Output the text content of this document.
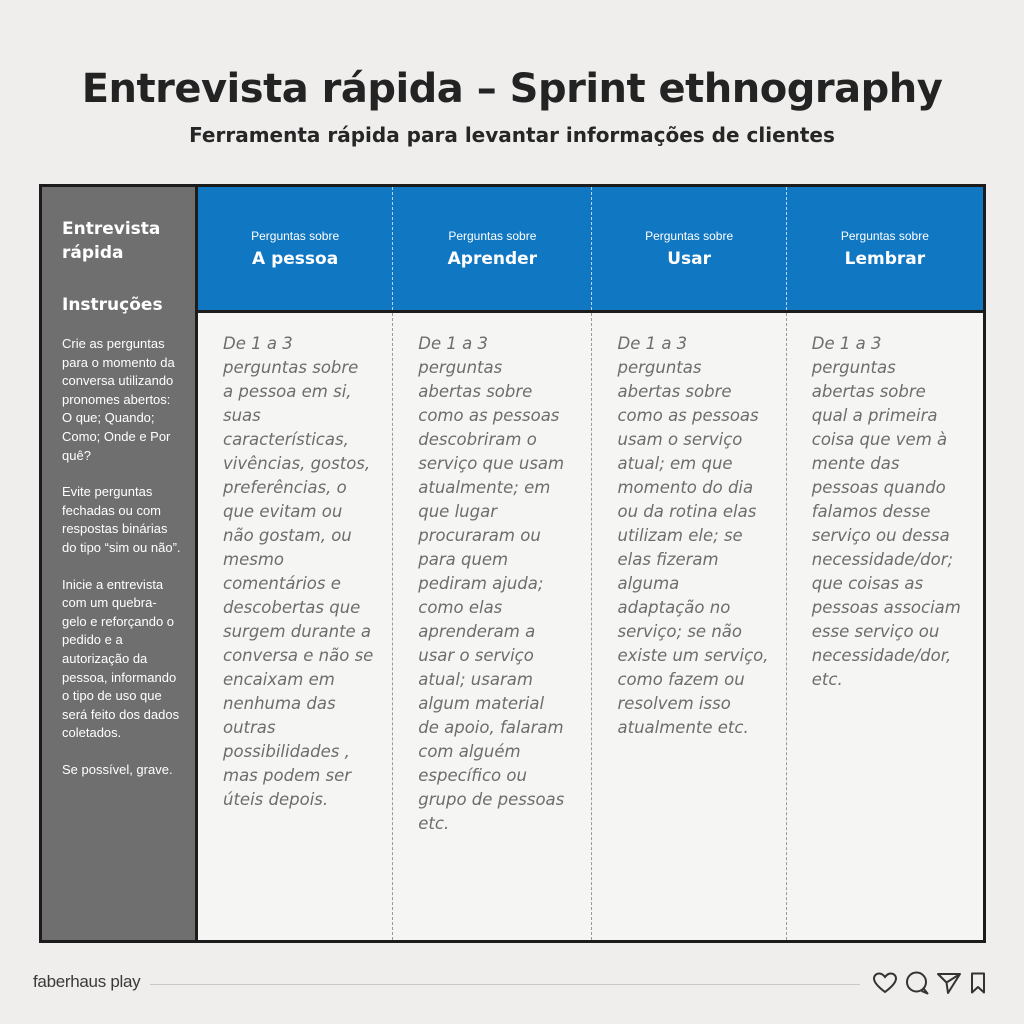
Entrevista rápida – Sprint ethnography
Ferramenta rápida para levantar informações de clientes
Entrevista rápida
Instruções
Crie as perguntas para o momento da conversa utilizando pronomes abertos: O que; Quando; Como; Onde e Por quê?
Evite perguntas fechadas ou com respostas binárias do tipo “sim ou não”.
Inicie a entrevista com um quebra-gelo e reforçando o pedido e a autorização da pessoa, informando o tipo de uso que será feito dos dados coletados.
Se possível, grave.
Perguntas sobre
A pessoa
Perguntas sobre
Aprender
Perguntas sobre
Usar
Perguntas sobre
Lembrar
De 1 a 3
perguntas sobre
a pessoa em si,
suas
características,
vivências, gostos,
preferências, o
que evitam ou
não gostam, ou
mesmo
comentários e
descobertas que
surgem durante a
conversa e não se
encaixam em
nenhuma das
outras
possibilidades ,
mas podem ser
úteis depois.
De 1 a 3
perguntas
abertas sobre
como as pessoas
descobriram o
serviço que usam
atualmente; em
que lugar
procuraram ou
para quem
pediram ajuda;
como elas
aprenderam a
usar o serviço
atual; usaram
algum material
de apoio, falaram
com alguém
específico ou
grupo de pessoas
etc.
De 1 a 3
perguntas
abertas sobre
como as pessoas
usam o serviço
atual; em que
momento do dia
ou da rotina elas
utilizam ele; se
elas fizeram
alguma
adaptação no
serviço; se não
existe um serviço,
como fazem ou
resolvem isso
atualmente etc.
De 1 a 3
perguntas
abertas sobre
qual a primeira
coisa que vem à
mente das
pessoas quando
falamos desse
serviço ou dessa
necessidade/dor;
que coisas as
pessoas associam
esse serviço ou
necessidade/dor,
etc.
faberhaus play
